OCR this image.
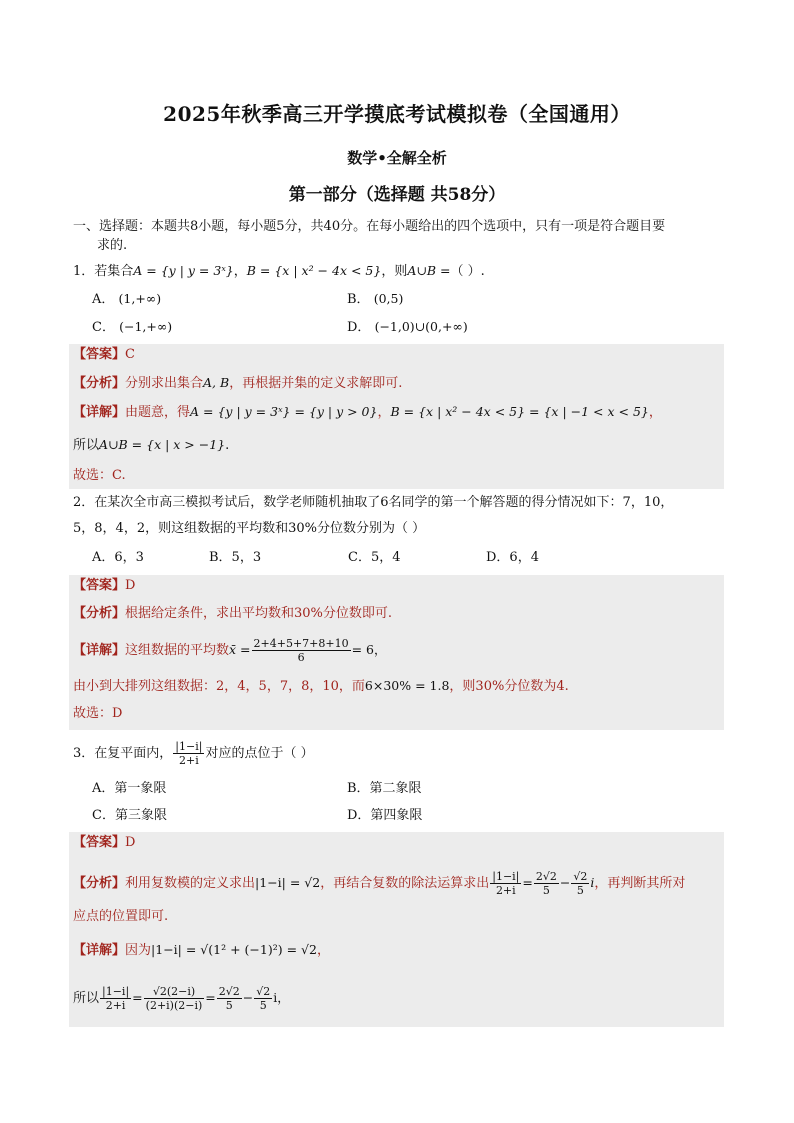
2025年秋季高三开学摸底考试模拟卷（全国通用）
数学•全解全析
第一部分（选择题 共58分）
一、选择题：本题共8小题，每小题5分，共40分。在每小题给出的四个选项中，只有一项是符合题目要
求的.
1．若集合A = {y | y = 3ˣ}，B = {x | x² − 4x < 5}，则A∪B =（ ）.
A． (1,+∞)	B． (0,5)
C． (−1,+∞)	D． (−1,0)∪(0,+∞)
【答案】C
【分析】分别求出集合A, B，再根据并集的定义求解即可.
【详解】由题意，得A = {y | y = 3ˣ} = {y | y > 0}，B = {x | x² − 4x < 5} = {x | −1 < x < 5}，
所以A∪B = {x | x > −1}.
故选：C.
2．在某次全市高三模拟考试后，数学老师随机抽取了6名同学的第一个解答题的得分情况如下：7，10，
5，8，4，2，则这组数据的平均数和30%分位数分别为（ ）
A．6，3	B．5，3	C．5，4	D．6，4
【答案】D
【分析】根据给定条件，求出平均数和30%分位数即可.
【详解】这组数据的平均数x̄ = $\frac{2+4+5+7+8+10}{6} = 6$，
由小到大排列这组数据：2，4，5，7，8，10，而6×30% = 1.8，则30%分位数为4.
故选：D
3．在复平面内， $\frac{|1-i|}{2+i}$ 对应的点位于（ ）
A．第一象限	B．第二象限
C．第三象限	D．第四象限
【答案】D
【分析】利用复数模的定义求出|1−i| = √2，再结合复数的除法运算求出 $\frac{|1-i|}{2+i} = \frac{2√2}{5} - \frac{√2}{5}$ i，再判断其所对
应点的位置即可.
【详解】因为|1−i| = √(1² + (−1)²) = √2，
所以 $\frac{|1-i|}{2+i} = \frac{√2(2-i)}{(2+i)(2-i)} = \frac{2√2}{5} - \frac{√2}{5}$ i，
